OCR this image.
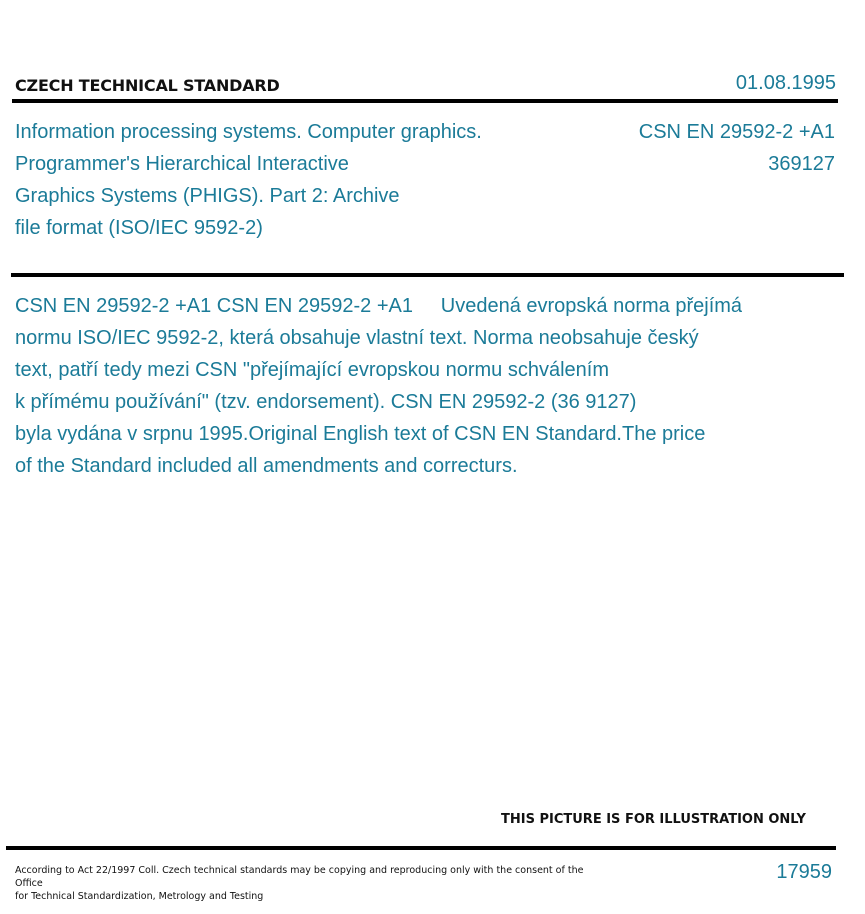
CZECH TECHNICAL STANDARD	01.08.1995
Information processing systems. Computer graphics.
Programmer's Hierarchical Interactive
Graphics Systems (PHIGS). Part 2: Archive
file format (ISO/IEC 9592-2)
CSN EN 29592-2 +A1
369127
CSN EN 29592-2 +A1 CSN EN 29592-2 +A1     Uvedená evropská norma přejímá
normu ISO/IEC 9592-2, která obsahuje vlastní text. Norma neobsahuje český
text, patří tedy mezi CSN "přejímající evropskou normu schválením
k přímému používání" (tzv. endorsement). CSN EN 29592-2 (36 9127)
byla vydána v srpnu 1995.Original English text of CSN EN Standard.The price
of the Standard included all amendments and correcturs.
THIS PICTURE IS FOR ILLUSTRATION ONLY
According to Act 22/1997 Coll. Czech technical standards may be copying and reproducing only with the consent of the Office
for Technical Standardization, Metrology and Testing
17959
